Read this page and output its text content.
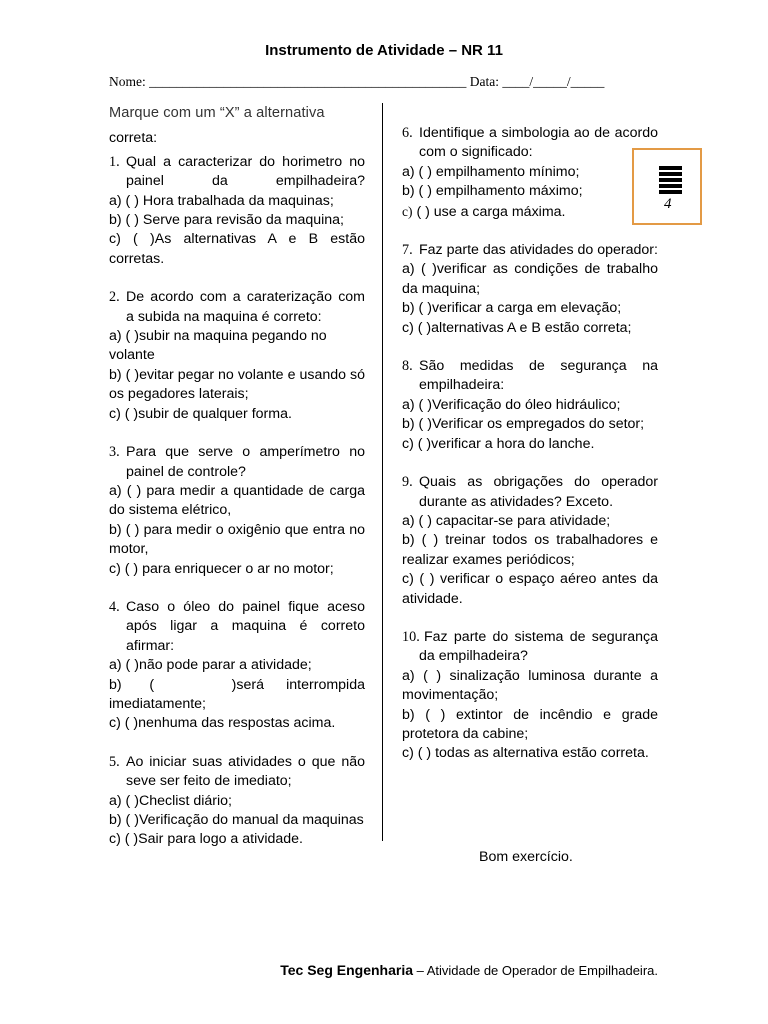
Instrumento de Atividade – NR 11
Nome: _______________________________________________ Data: ____/_____/_____

Marque com um “X” a alternativa

correta:

1. Qual a caracterizar do horimetro no painel da empilhadeira?

a) ( ) Hora trabalhada da maquinas;

b) ( ) Serve para revisão da maquina;

c) ( )As alternativas A e B estão corretas.

2. De acordo com a caraterização com a subida na maquina é correto:

a) ( )subir na maquina pegando no volante

b) ( )evitar pegar no volante e usando só os pegadores laterais;

c) ( )subir de qualquer forma.

3. Para que serve o amperímetro no painel de controle?

a) ( ) para medir a quantidade de carga do sistema elétrico,

b) ( ) para medir o oxigênio que entra no motor,

c) ( ) para enriquecer o ar no motor;

4. Caso o óleo do painel fique aceso após ligar a maquina é correto afirmar:

a) ( )não pode parar a atividade;

b)     (              )será    interrompida imediatamente;

c) ( )nenhuma das respostas acima.

5. Ao iniciar suas atividades o que não seve ser feito de imediato;

a) ( )Checlist diário;

b) ( )Verificação do manual da maquinas

c) ( )Sair para logo a atividade.

6. Identifique a simbologia ao de acordo com o significado:

a) ( ) empilhamento mínimo;

b) ( ) empilhamento máximo;

c) ( ) use a carga máxima.

7. Faz parte das atividades do operador:

a) ( )verificar as condições de trabalho da maquina;

b) ( )verificar a carga em elevação;

c) ( )alternativas A e B estão correta;

8. São medidas de segurança na empilhadeira:

a) ( )Verificação do óleo hidráulico;

b) ( )Verificar os empregados do setor;

c) ( )verificar a hora do lanche.

9. Quais as obrigações do operador durante as atividades? Exceto.

a) ( ) capacitar-se para atividade;

b) ( ) treinar todos os trabalhadores e realizar exames periódicos;

c) ( ) verificar o espaço aéreo antes da atividade.

10. Faz parte do sistema de segurança da empilhadeira?

a) ( ) sinalização luminosa durante a movimentação;

b) ( ) extintor de incêndio e grade protetora da cabine;

c) ( ) todas as alternativa estão correta.

4
Bom exercício.
Tec Seg Engenharia – Atividade de Operador de Empilhadeira.
